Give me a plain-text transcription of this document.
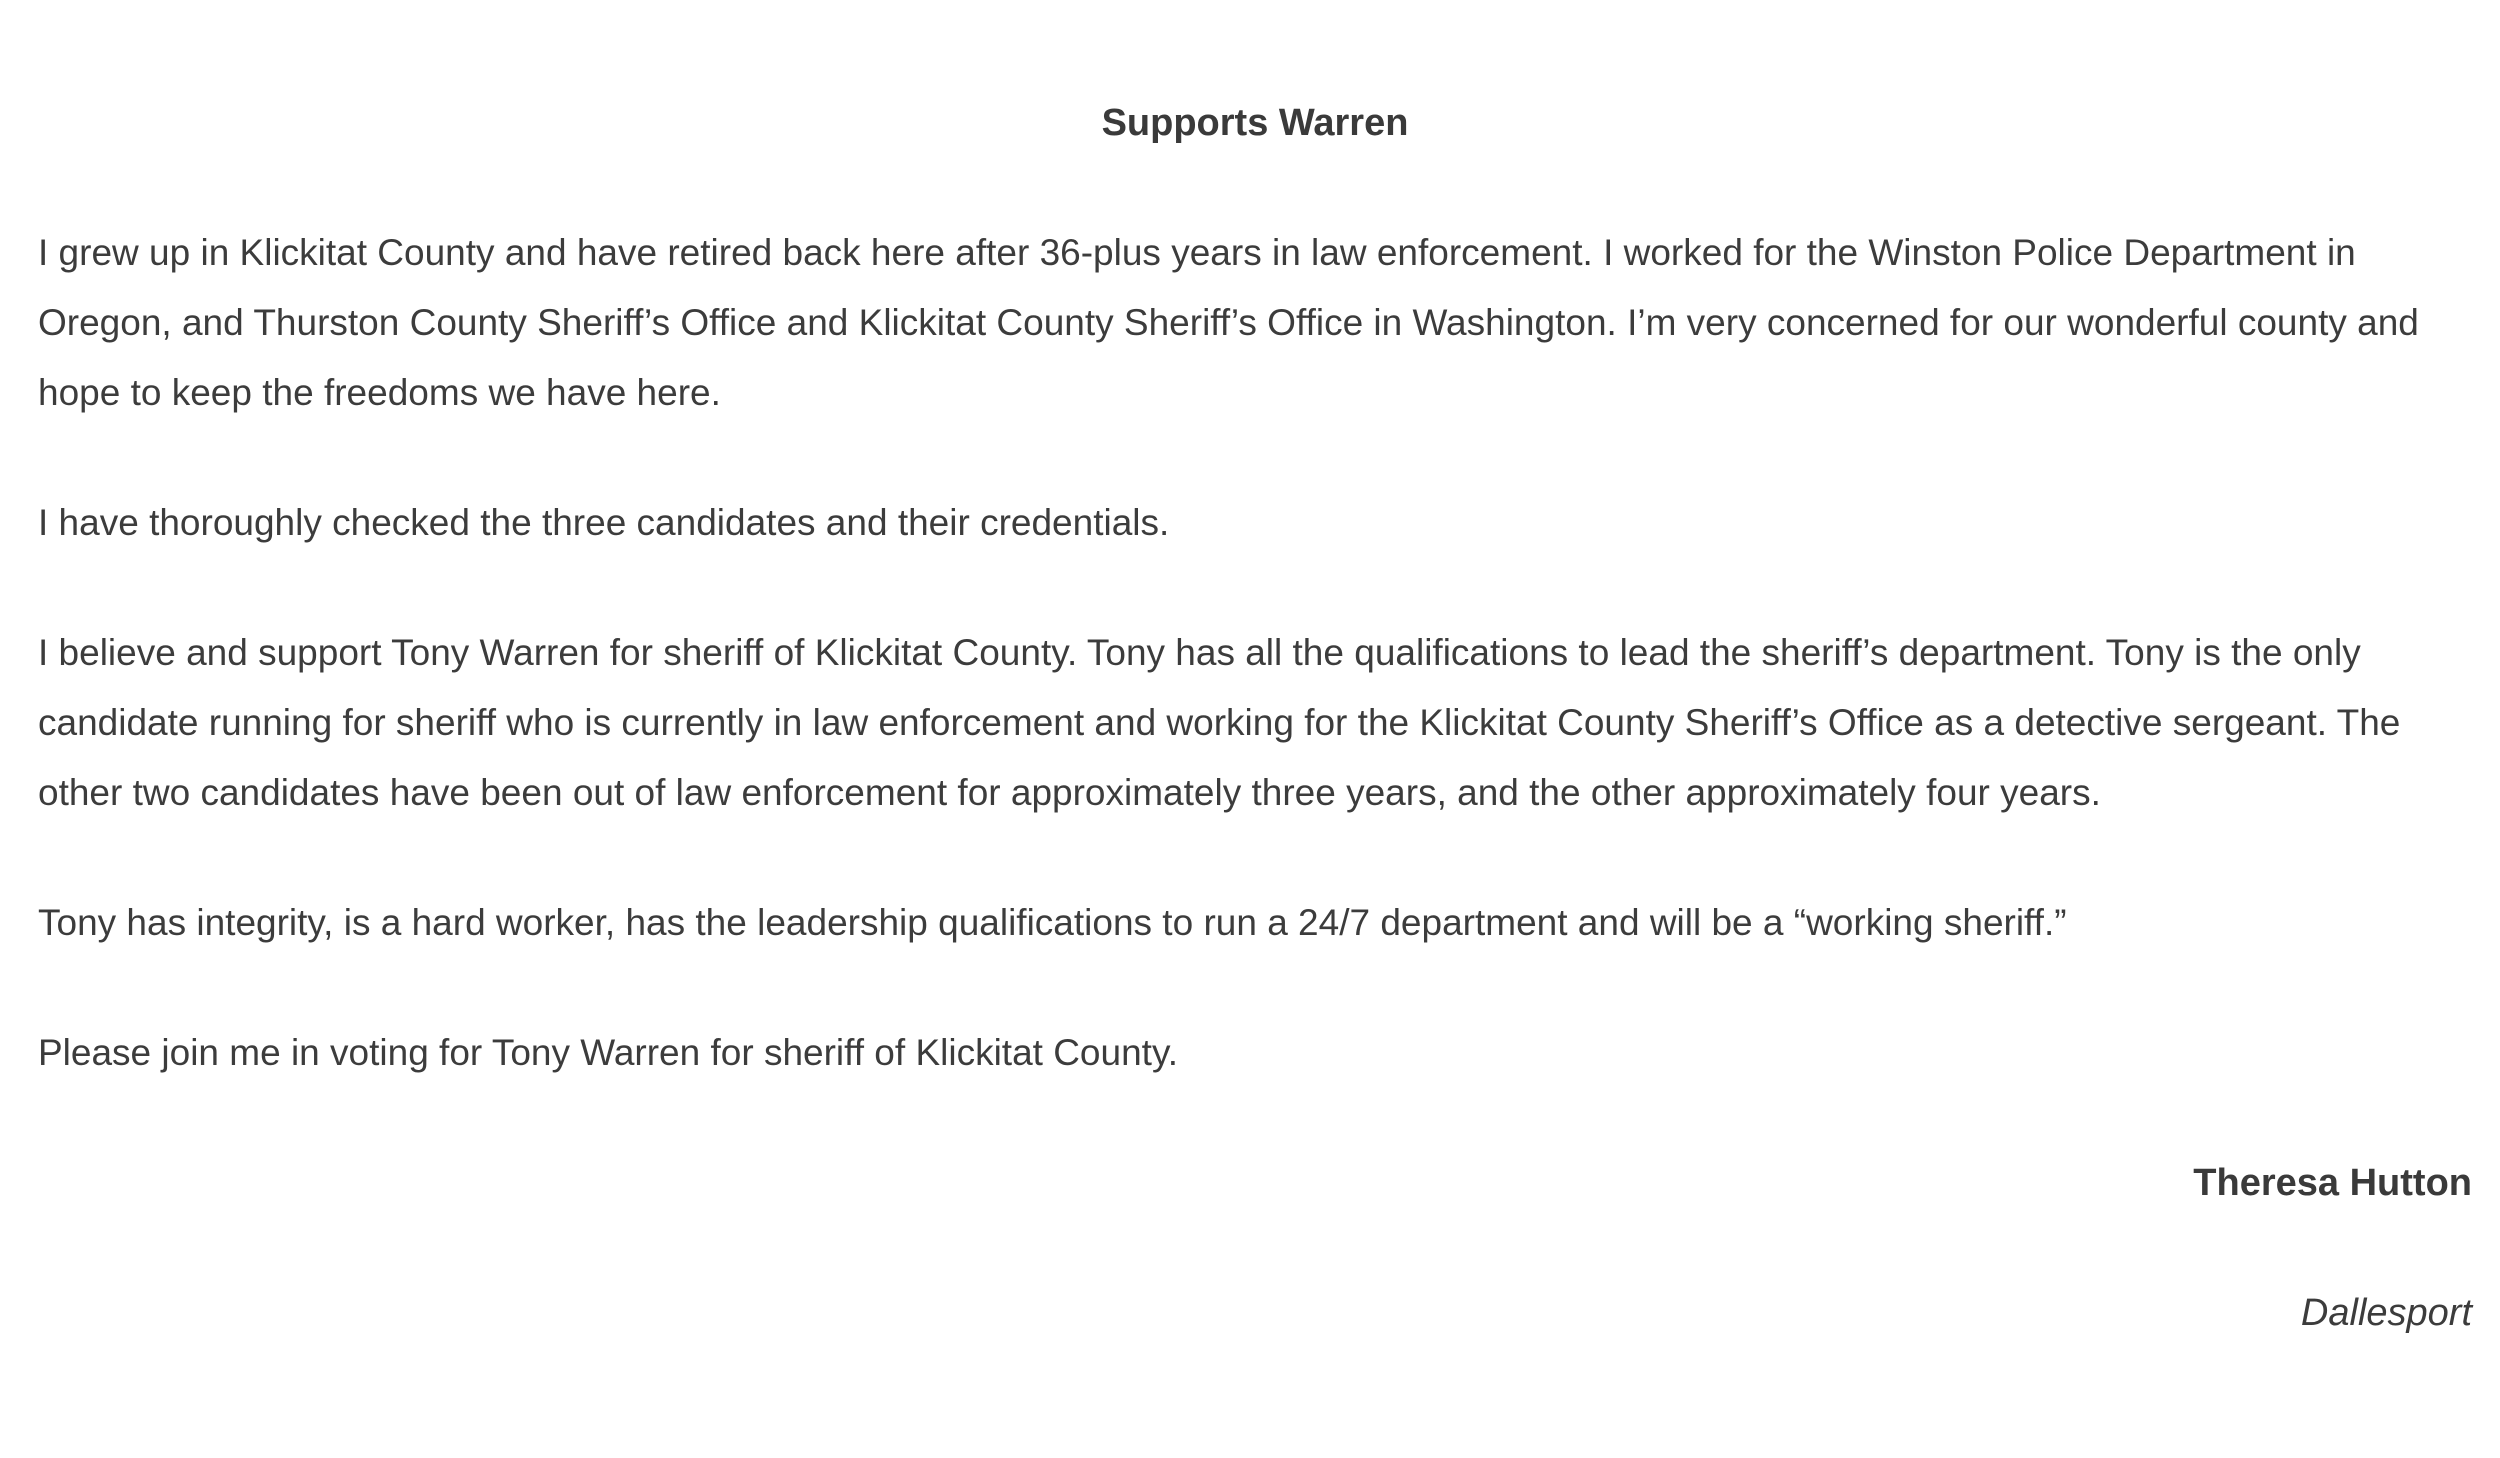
Supports Warren

I grew up in Klickitat County and have retired back here after 36-plus years in law enforcement. I worked for the Winston Police Department in Oregon, and Thurston County Sheriff’s Office and Klickitat County Sheriff’s Office in Washington. I’m very concerned for our wonderful county and hope to keep the freedoms we have here.

I have thoroughly checked the three candidates and their credentials.

I believe and support Tony Warren for sheriff of Klickitat County. Tony has all the qualifications to lead the sheriff’s department. Tony is the only candidate running for sheriff who is currently in law enforcement and working for the Klickitat County Sheriff’s Office as a detective sergeant. The other two candidates have been out of law enforcement for approximately three years, and the other approximately four years.

Tony has integrity, is a hard worker, has the leadership qualifications to run a 24/7 department and will be a “working sheriff.”

Please join me in voting for Tony Warren for sheriff of Klickitat County.

Theresa Hutton

Dallesport
